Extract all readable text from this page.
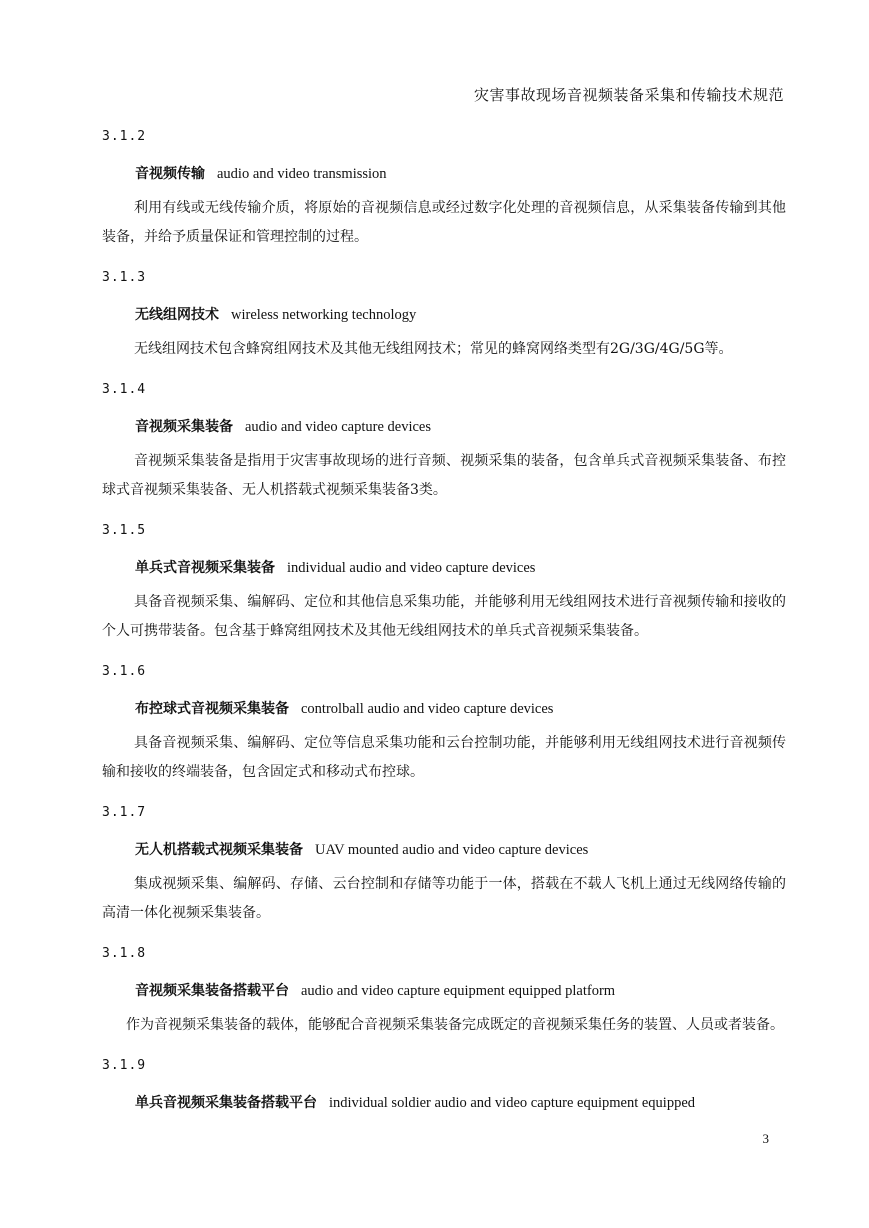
灾害事故现场音视频装备采集和传输技术规范
3.1.2
音视频传输 audio and video transmission

利用有线或无线传输介质，将原始的音视频信息或经过数字化处理的音视频信息，从采集装备传输到其他装备，并给予质量保证和管理控制的过程。

3.1.3
无线组网技术 wireless networking technology

无线组网技术包含蜂窝组网技术及其他无线组网技术；常见的蜂窝网络类型有2G/3G/4G/5G等。

3.1.4
音视频采集装备 audio and video capture devices

音视频采集装备是指用于灾害事故现场的进行音频、视频采集的装备，包含单兵式音视频采集装备、布控球式音视频采集装备、无人机搭载式视频采集装备3类。

3.1.5
单兵式音视频采集装备 individual audio and video capture devices

具备音视频采集、编解码、定位和其他信息采集功能，并能够利用无线组网技术进行音视频传输和接收的个人可携带装备。包含基于蜂窝组网技术及其他无线组网技术的单兵式音视频采集装备。

3.1.6
布控球式音视频采集装备 controlball audio and video capture devices

具备音视频采集、编解码、定位等信息采集功能和云台控制功能，并能够利用无线组网技术进行音视频传输和接收的终端装备，包含固定式和移动式布控球。

3.1.7
无人机搭载式视频采集装备 UAV mounted audio and video capture devices

集成视频采集、编解码、存储、云台控制和存储等功能于一体，搭载在不载人飞机上通过无线网络传输的高清一体化视频采集装备。

3.1.8
音视频采集装备搭载平台 audio and video capture equipment equipped platform

作为音视频采集装备的载体，能够配合音视频采集装备完成既定的音视频采集任务的装置、人员或者装备。

3.1.9
单兵音视频采集装备搭载平台 individual soldier audio and video capture equipment equipped
3
